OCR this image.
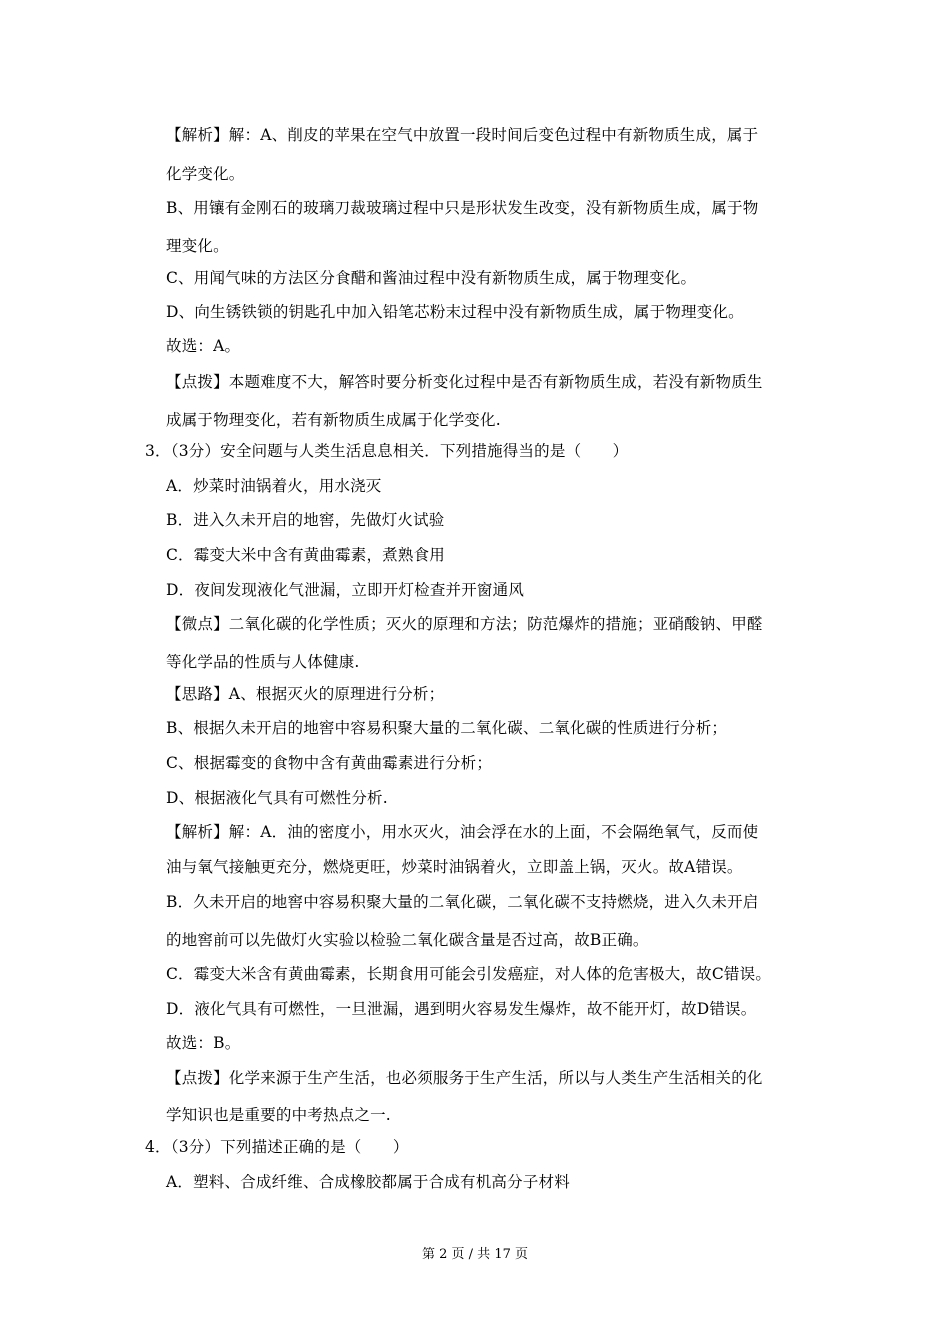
【解析】解：A、削皮的苹果在空气中放置一段时间后变色过程中有新物质生成，属于
化学变化。
B、用镶有金刚石的玻璃刀裁玻璃过程中只是形状发生改变，没有新物质生成，属于物
理变化。
C、用闻气味的方法区分食醋和酱油过程中没有新物质生成，属于物理变化。
D、向生锈铁锁的钥匙孔中加入铅笔芯粉末过程中没有新物质生成，属于物理变化。
故选：A。
【点拨】本题难度不大，解答时要分析变化过程中是否有新物质生成，若没有新物质生
成属于物理变化，若有新物质生成属于化学变化.
3．（3分）安全问题与人类生活息息相关．下列措施得当的是（　　）
A．炒菜时油锅着火，用水浇灭
B．进入久未开启的地窖，先做灯火试验
C．霉变大米中含有黄曲霉素，煮熟食用
D．夜间发现液化气泄漏，立即开灯检查并开窗通风
【微点】二氧化碳的化学性质；灭火的原理和方法；防范爆炸的措施；亚硝酸钠、甲醛
等化学品的性质与人体健康.
【思路】A、根据灭火的原理进行分析；
B、根据久未开启的地窖中容易积聚大量的二氧化碳、二氧化碳的性质进行分析；
C、根据霉变的食物中含有黄曲霉素进行分析；
D、根据液化气具有可燃性分析.
【解析】解：A．油的密度小，用水灭火，油会浮在水的上面，不会隔绝氧气，反而使
油与氧气接触更充分，燃烧更旺，炒菜时油锅着火，立即盖上锅，灭火。故A错误。
B．久未开启的地窖中容易积聚大量的二氧化碳，二氧化碳不支持燃烧，进入久未开启
的地窖前可以先做灯火实验以检验二氧化碳含量是否过高，故B正确。
C．霉变大米含有黄曲霉素，长期食用可能会引发癌症，对人体的危害极大，故C错误。
D．液化气具有可燃性，一旦泄漏，遇到明火容易发生爆炸，故不能开灯，故D错误。
故选：B。
【点拨】化学来源于生产生活，也必须服务于生产生活，所以与人类生产生活相关的化
学知识也是重要的中考热点之一.
4．（3分）下列描述正确的是（　　）
A．塑料、合成纤维、合成橡胶都属于合成有机高分子材料
第 2 页 / 共 17 页
